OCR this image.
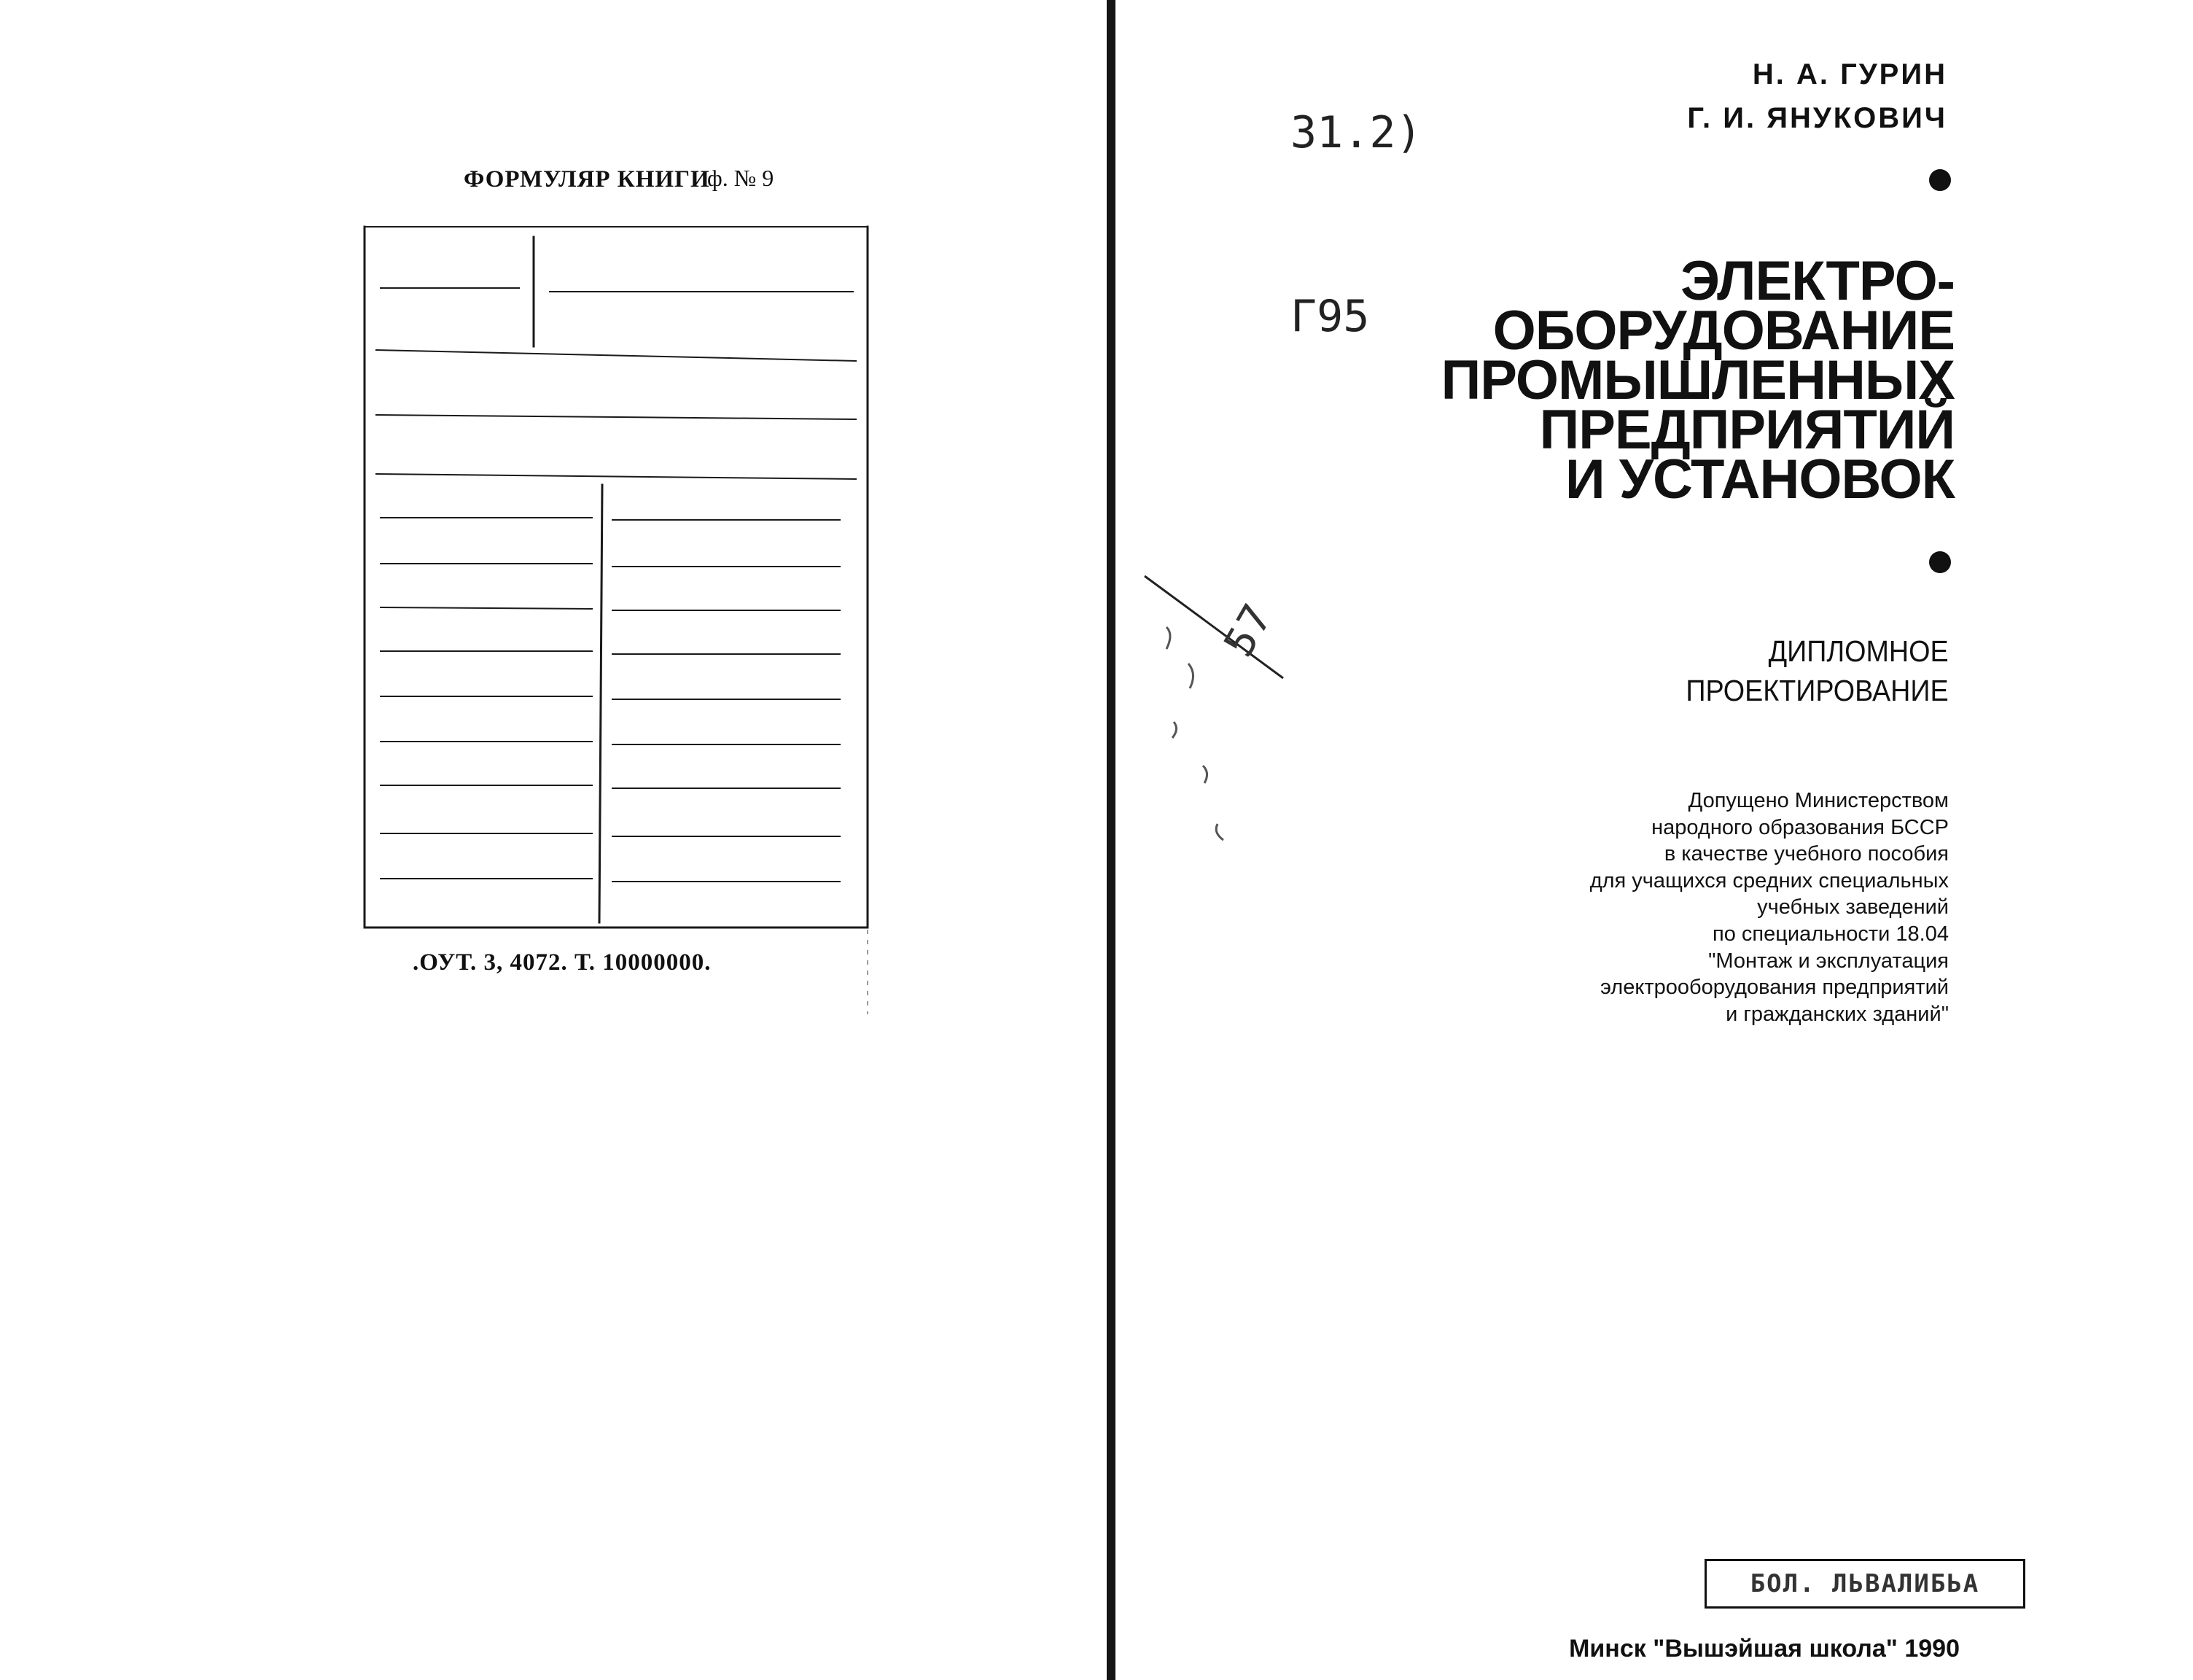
ФОРМУЛЯР КНИГИ
ф. № 9
.ОУТ. 3, 4072. Т. 10000000.

31.2)

Г95

Н. А. ГУРИН
Г. И. ЯНУКОВИЧ
ЭЛЕКТРО-
ОБОРУДОВАНИЕ
ПРОМЫШЛЕННЫХ
ПРЕДПРИЯТИЙ
И УСТАНОВОК
57	ДИПЛОМНОЕ
ПРОЕКТИРОВАНИЕ
Допущено Министерством
народного образования БССР
в качестве учебного пособия
для учащихся средних специальных
учебных заведений
по специальности 18.04
"Монтаж и эксплуатация
электрооборудования предприятий
и гражданских зданий"
БОЛ. ЛЬВАЛИБЬА
Минск "Вышэйшая школа" 1990
